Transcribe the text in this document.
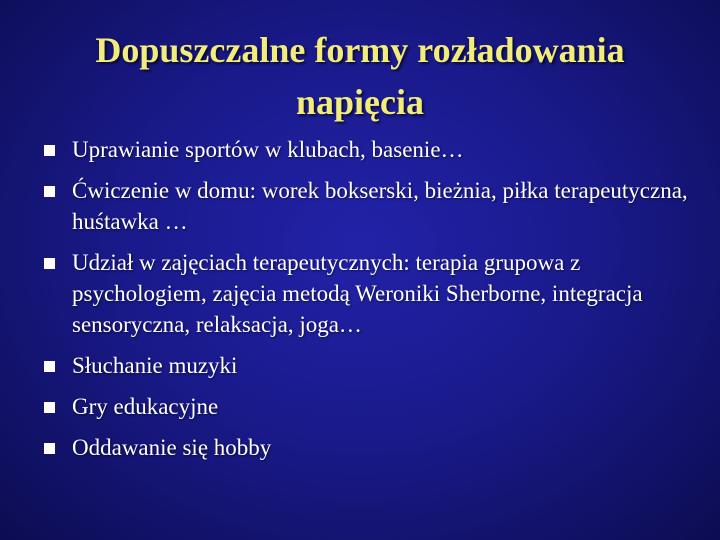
Dopuszczalne formy rozładowania napięcia
Uprawianie sportów w klubach, basenie…
Ćwiczenie w domu: worek bokserski, bieżnia, piłka terapeutyczna, huśtawka …
Udział w zajęciach terapeutycznych: terapia grupowa z psychologiem, zajęcia metodą Weroniki Sherborne, integracja sensoryczna, relaksacja, joga…
Słuchanie muzyki
Gry edukacyjne
Oddawanie się hobby
